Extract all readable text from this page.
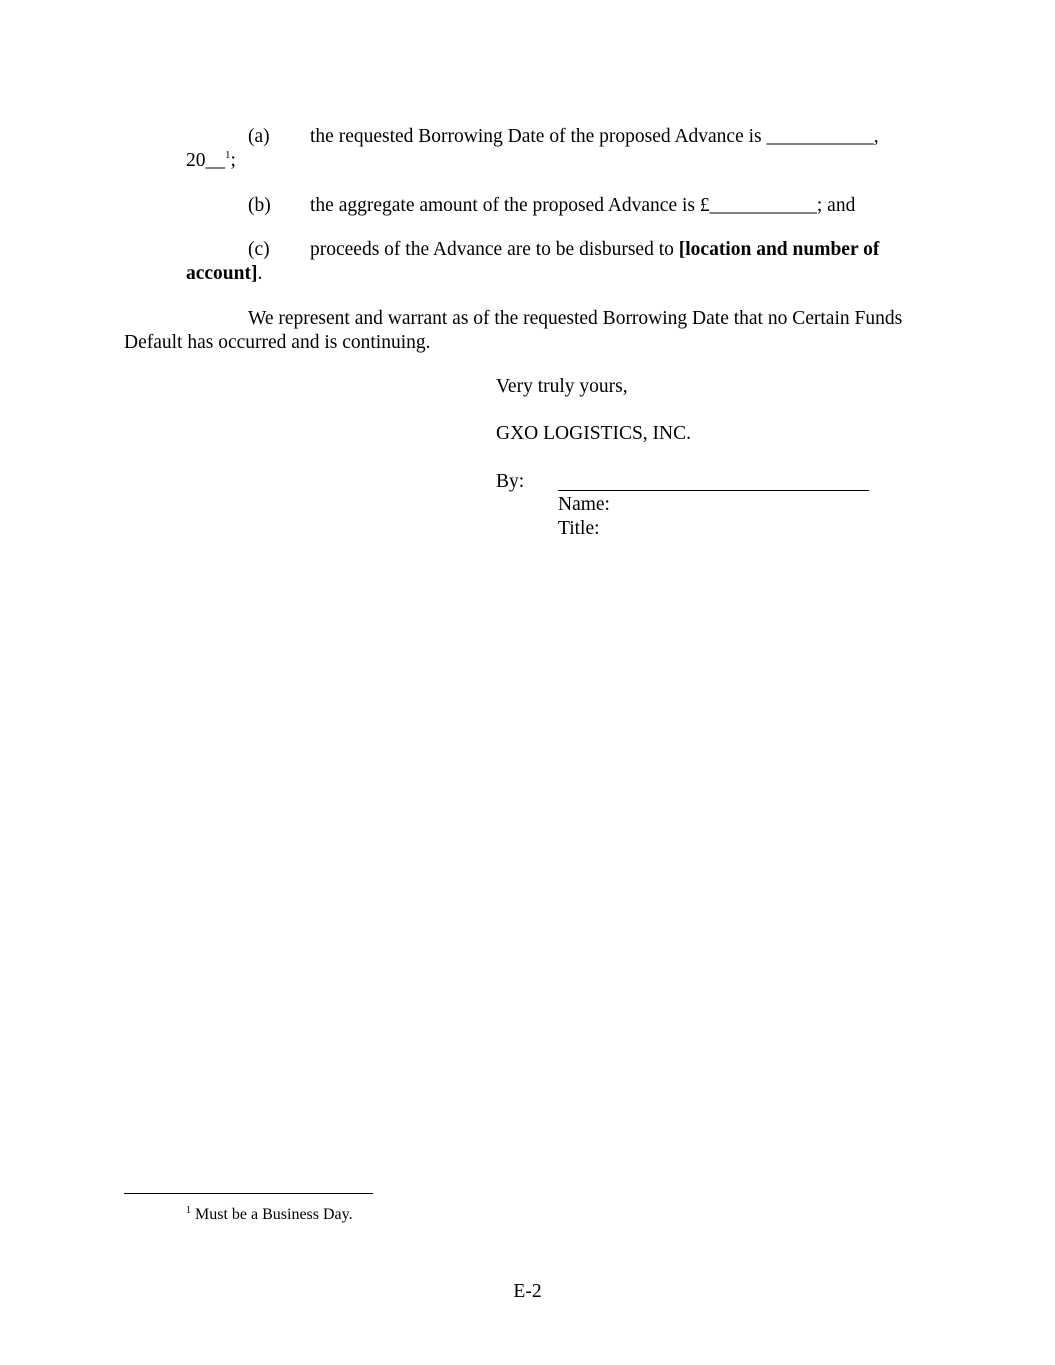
(a) the requested Borrowing Date of the proposed Advance is ___________,
20__$^1$;
(b) the aggregate amount of the proposed Advance is £___________; and
(c) proceeds of the Advance are to be disbursed to [location and number of
account].
We represent and warrant as of the requested Borrowing Date that no Certain Funds
Default has occurred and is continuing.
Very truly yours,
GXO LOGISTICS, INC.
By:
Name:
Title:
$^1$ Must be a Business Day.
E-2
